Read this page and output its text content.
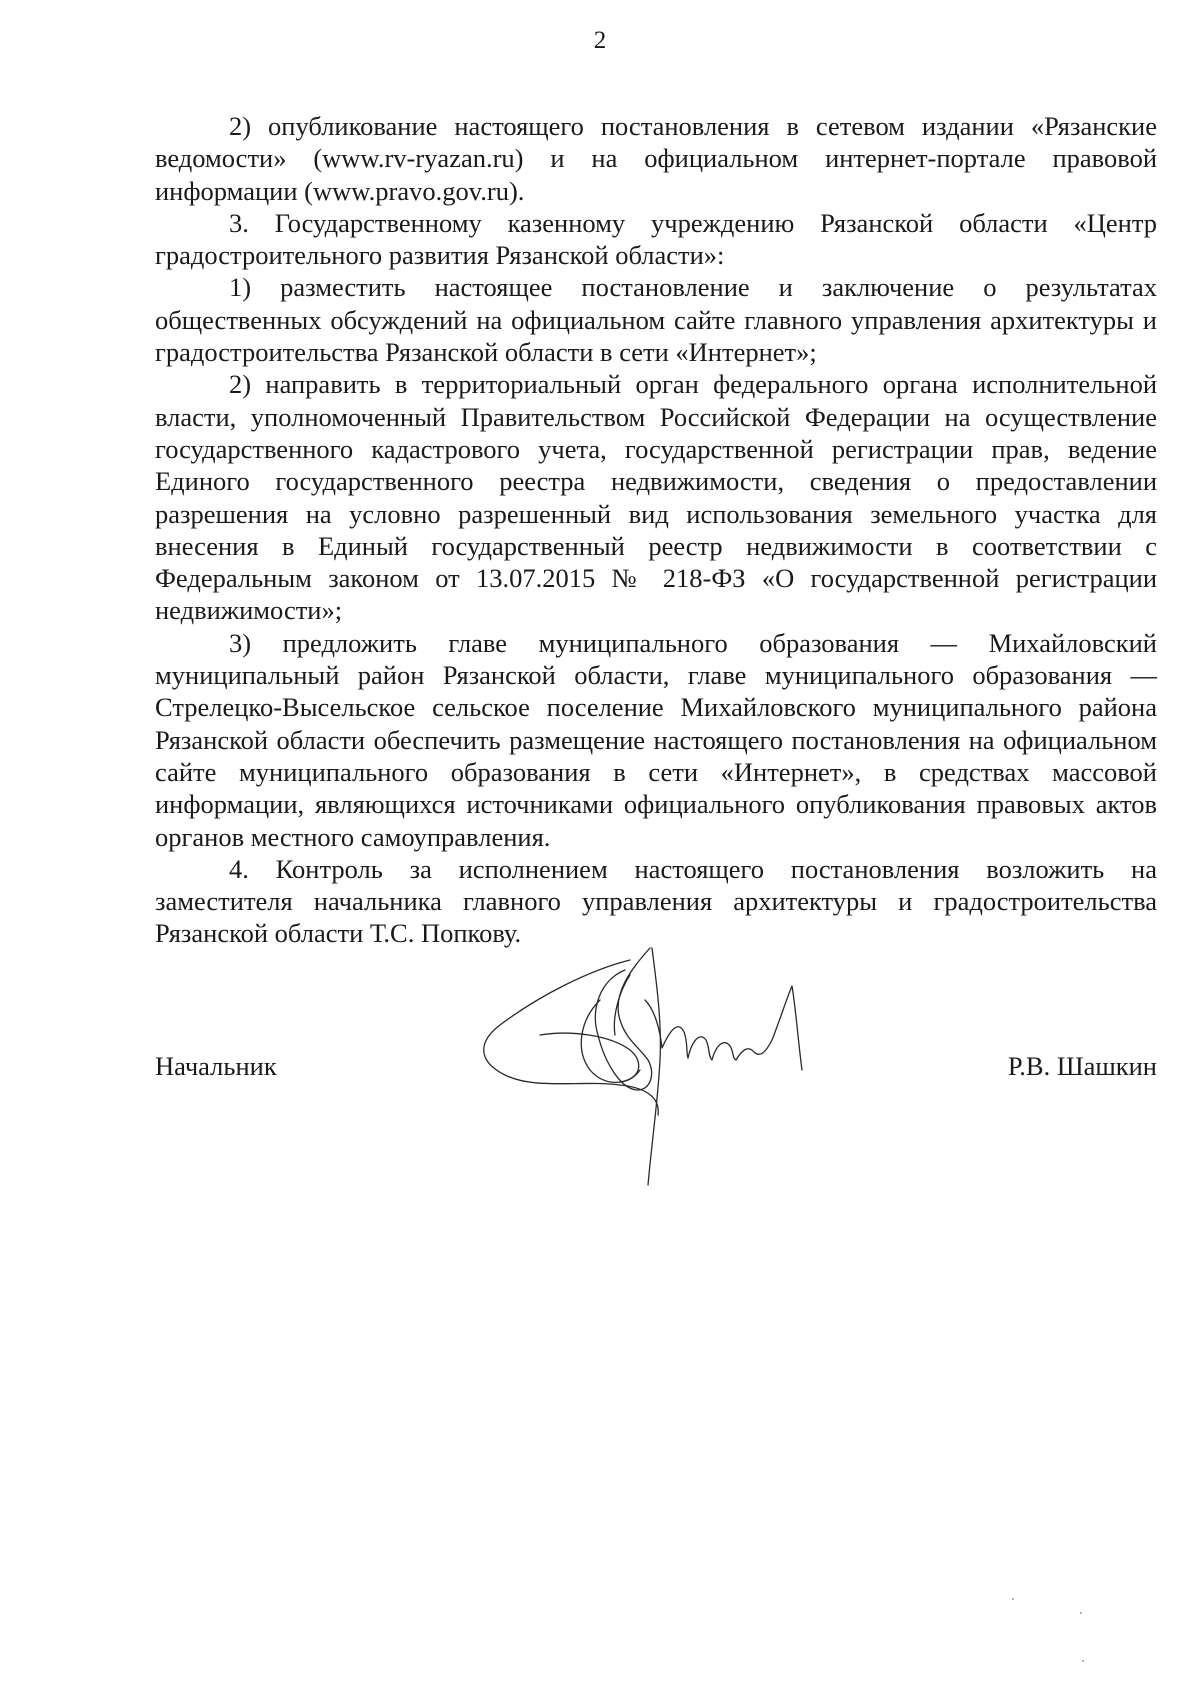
2

2) опубликование настоящего постановления в сетевом издании «Рязанские ведомости» (www.rv-ryazan.ru) и на официальном интернет-портале правовой информации (www.pravo.gov.ru).

3. Государственному казенному учреждению Рязанской области «Центр градостроительного развития Рязанской области»:

1) разместить настоящее постановление и заключение о результатах общественных обсуждений на официальном сайте главного управления архитектуры и градостроительства Рязанской области в сети «Интернет»;

2) направить в территориальный орган федерального органа исполнительной власти, уполномоченный Правительством Российской Федерации на осуществление государственного кадастрового учета, государственной регистрации прав, ведение Единого государственного реестра недвижимости, сведения о предоставлении разрешения на условно разрешенный вид использования земельного участка для внесения в Единый государственный реестр недвижимости в соответствии с Федеральным законом от 13.07.2015 № 218-ФЗ «О государственной регистрации недвижимости»;

3) предложить главе муниципального образования — Михайловский муниципальный район Рязанской области, главе муниципального образования — Стрелецко-Высельское сельское поселение Михайловского муниципального района Рязанской области обеспечить размещение настоящего постановления на официальном сайте муниципального образования в сети «Интернет», в средствах массовой информации, являющихся источниками официального опубликования правовых актов органов местного самоуправления.

4. Контроль за исполнением настоящего постановления возложить на заместителя начальника главного управления архитектуры и градостроительства Рязанской области Т.С. Попкову.

Начальник	Р.В. Шашкин
